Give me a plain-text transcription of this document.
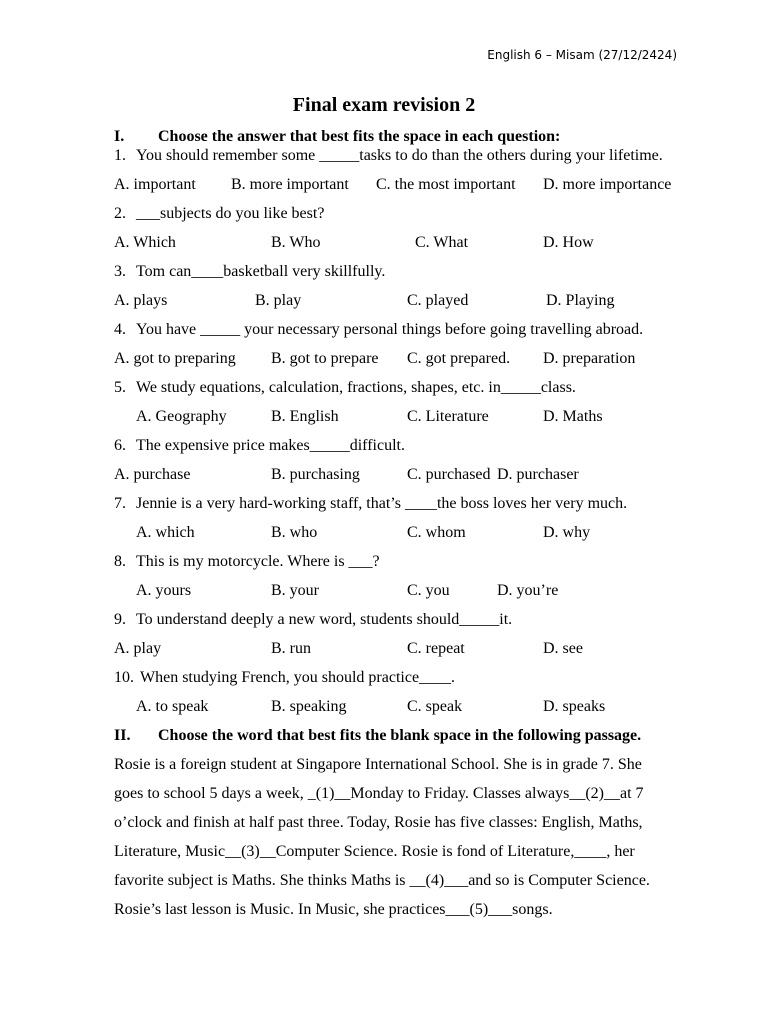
English 6 – Misam (27/12/2424)
Final exam revision 2
I. Choose the answer that best fits the space in each question:
1. You should remember some _____tasks to do than the others during your lifetime.
A. important B. more important C. the most important D. more importance
2. ___subjects do you like best?
A. Which	B. Who	C. What	D. How
3. Tom can____basketball very skillfully.
A. plays	B. play	C. played	D. Playing
4. You have _____ your necessary personal things before going travelling abroad.
A. got to preparing B. got to prepare C. got prepared. D. preparation
5. We study equations, calculation, fractions, shapes, etc. in_____class.
A. Geography	B. English	C. Literature	D. Maths
6. The expensive price makes_____difficult.
A. purchase	B. purchasing	C. purchased D. purchaser
7. Jennie is a very hard-working staff, that’s ____the boss loves her very much.
A. which	B. who	C. whom	D. why
8. This is my motorcycle. Where is ___?
A. yours	B. your	C. you	D. you’re
9. To understand deeply a new word, students should_____it.
A. play	B. run	C. repeat	D. see
10. When studying French, you should practice____.
A. to speak	B. speaking	C. speak	D. speaks
II. Choose the word that best fits the blank space in the following passage.
Rosie is a foreign student at Singapore International School. She is in grade 7. She
goes to school 5 days a week, _(1)__Monday to Friday. Classes always__(2)__at 7
o’clock and finish at half past three. Today, Rosie has five classes: English, Maths,
Literature, Music__(3)__Computer Science. Rosie is fond of Literature,____, her
favorite subject is Maths. She thinks Maths is __(4)___and so is Computer Science.
Rosie’s last lesson is Music. In Music, she practices___(5)___songs.
